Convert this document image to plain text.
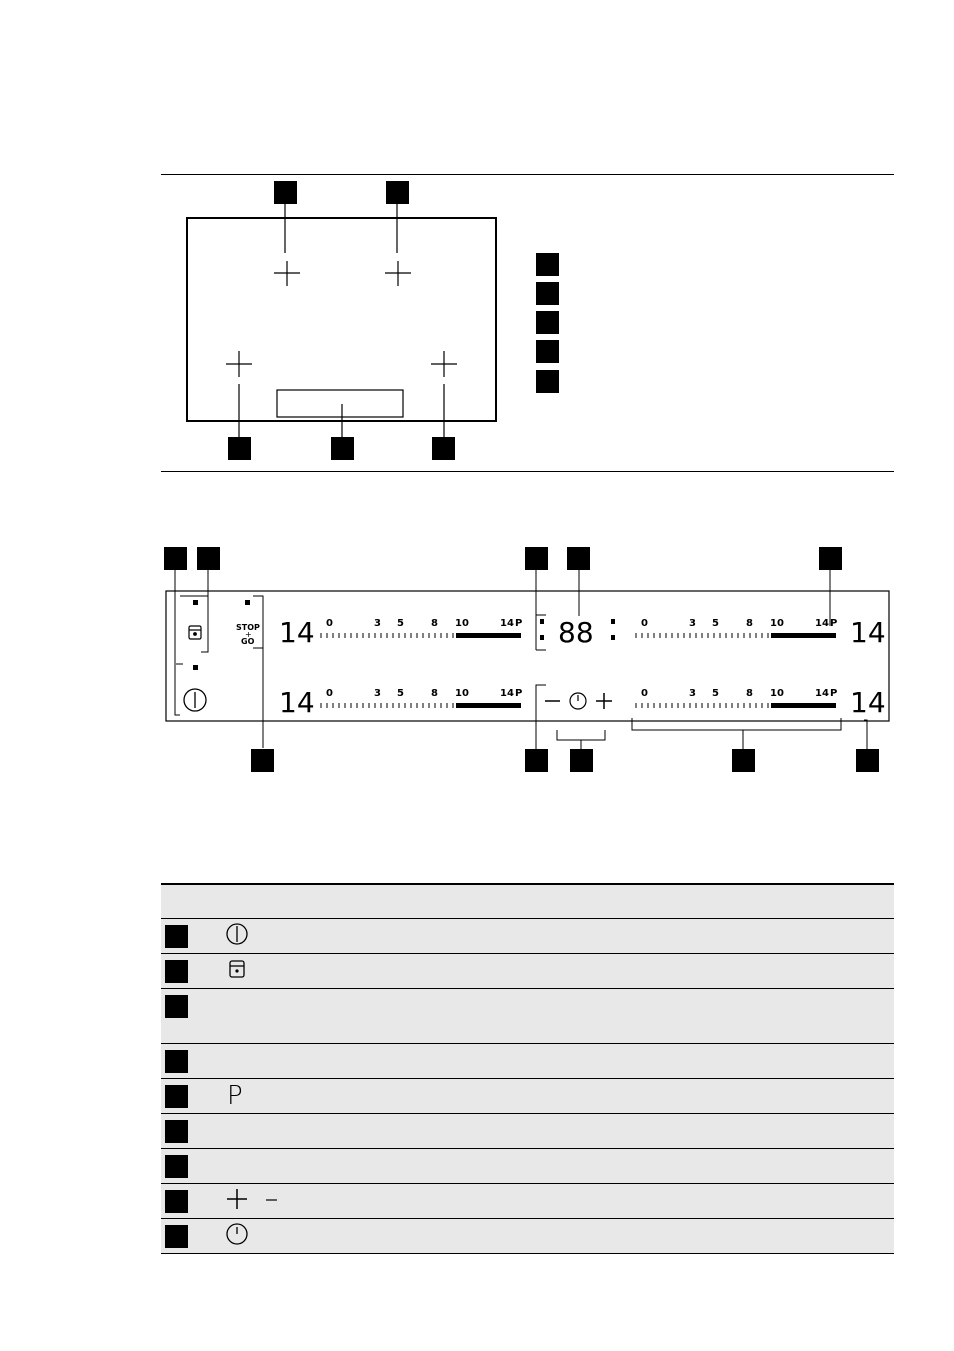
STOP
+
GO
0	3 5	8 10	14 P
0	3 5	8 10	14 P
0	3 5	8 10	14 P
0	3 5	8 10	14 P
14
14
14
14
88

	P	
